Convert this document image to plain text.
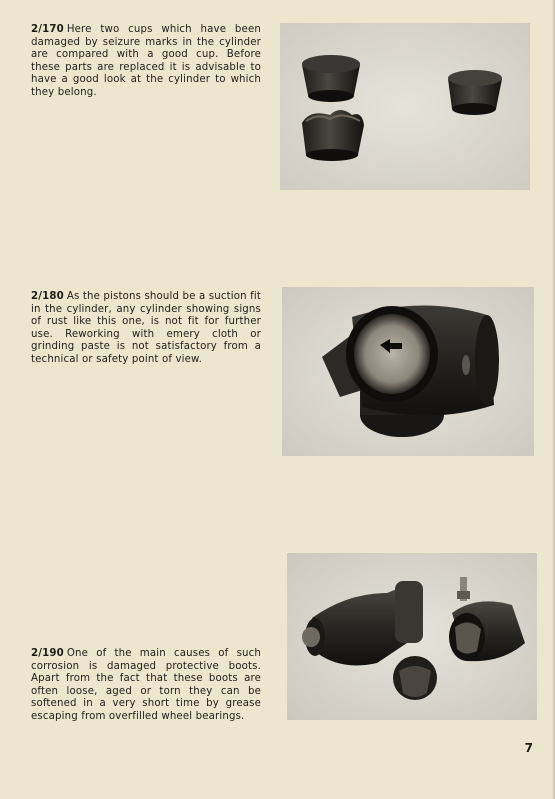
2/170 Here two cups which have been damaged by seizure marks in the cylinder are compared with a good cup. Before these parts are replaced it is advisable to have a good look at the cylinder to which they belong.

2/180 As the pistons should be a suction fit in the cylinder, any cylinder showing signs of rust like this one, is not fit for further use. Reworking with emery cloth or grinding paste is not satisfactory from a technical or safety point of view.

2/190 One of the main causes of such corrosion is damaged protective boots. Apart from the fact that these boots are often loose, aged or torn they can be softened in a very short time by grease escaping from overfilled wheel bearings.

7
